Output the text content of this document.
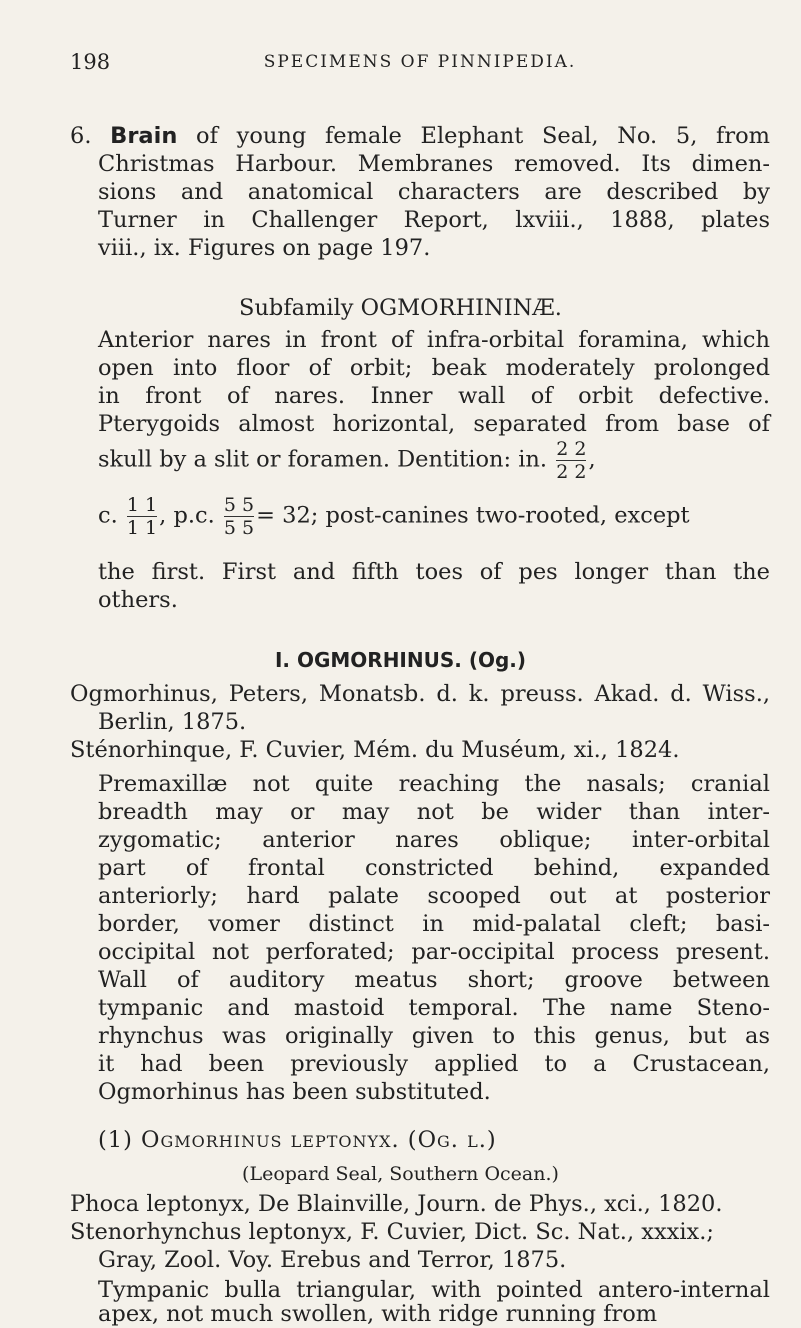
198	SPECIMENS OF PINNIPEDIA.
6. Brain of young female Elephant Seal, No. 5, from
Christmas Harbour. Membranes removed. Its dimen-
sions and anatomical characters are described by
Turner in Challenger Report, lxviii., 1888, plates
viii., ix. Figures on page 197.
Subfamily OGMORHININÆ.
Anterior nares in front of infra-orbital foramina, which
open into floor of orbit; beak moderately prolonged
in front of nares. Inner wall of orbit defective.
Pterygoids almost horizontal, separated from base of
skull by a slit or foramen. Dentition: in. $\frac{2 2}{2 2}$ ,
c. $\frac{1 1}{1 1}$ , p.c. $\frac{5 5}{5 5} = 32$; post-canines two-rooted, except
the first. First and fifth toes of pes longer than the
others.
I. OGMORHINUS. (Og.)
Ogmorhinus, Peters, Monatsb. d. k. preuss. Akad. d. Wiss.,
Berlin, 1875.
Sténorhinque, F. Cuvier, Mém. du Muséum, xi., 1824.
Premaxillæ not quite reaching the nasals; cranial
breadth may or may not be wider than inter-
zygomatic; anterior nares oblique; inter-orbital
part of frontal constricted behind, expanded
anteriorly; hard palate scooped out at posterior
border, vomer distinct in mid-palatal cleft; basi-
occipital not perforated; par-occipital process present.
Wall of auditory meatus short; groove between
tympanic and mastoid temporal. The name Steno-
rhynchus was originally given to this genus, but as
it had been previously applied to a Crustacean,
Ogmorhinus has been substituted.
(1) Ogmorhinus leptonyx. (Og. l.)
(Leopard Seal, Southern Ocean.)
Phoca leptonyx, De Blainville, Journ. de Phys., xci., 1820.
Stenorhynchus leptonyx, F. Cuvier, Dict. Sc. Nat., xxxix.;
Gray, Zool. Voy. Erebus and Terror, 1875.
Tympanic bulla triangular, with pointed antero-internal
apex, not much swollen, with ridge running from
